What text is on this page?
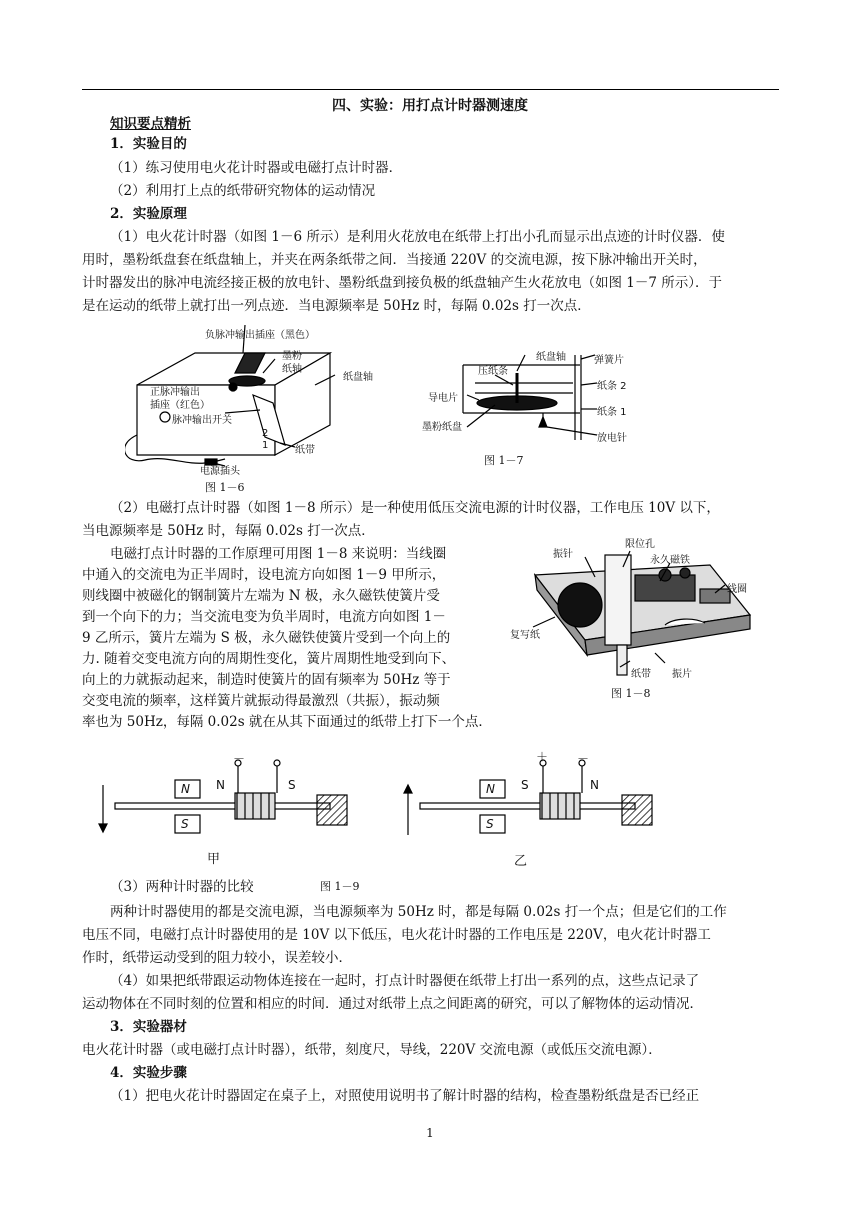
四、实验：用打点计时器测速度
知识要点精析
1．实验目的
（1）练习使用电火花计时器或电磁打点计时器．
（2）利用打上点的纸带研究物体的运动情况
2．实验原理
（1）电火花计时器（如图 1－6 所示）是利用火花放电在纸带上打出小孔而显示出点迹的计时仪器．使
用时，墨粉纸盘套在纸盘轴上，并夹在两条纸带之间．当接通 220V 的交流电源，按下脉冲输出开关时，
计时器发出的脉冲电流经接正极的放电针、墨粉纸盘到接负极的纸盘轴产生火花放电（如图 1－7 所示）．于
是在运动的纸带上就打出一列点迹．当电源频率是 50Hz 时，每隔 0.02s 打一次点．
负脉冲输出插座（黑色）
墨粉
纸轴
纸盘轴
正脉冲输出
插座（红色）
脉冲输出开关
2
1	纸带
电源插头
图 1－6
纸盘轴	弹簧片
压纸条
纸条 2
导电片
纸条 1
墨粉纸盘
放电针
图 1－7
（2）电磁打点计时器（如图 1－8 所示）是一种使用低压交流电源的计时仪器，工作电压 10V 以下，
当电源频率是 50Hz 时，每隔 0.02s 打一次点．
电磁打点计时器的工作原理可用图 1－8 来说明：当线圈
中通入的交流电为正半周时，设电流方向如图 1－9 甲所示，
则线圈中被磁化的钢制簧片左端为 N 极，永久磁铁使簧片受
到一个向下的力；当交流电变为负半周时，电流方向如图 1－
9 乙所示，簧片左端为 S 极，永久磁铁使簧片受到一个向上的
力. 随着交变电流方向的周期性变化，簧片周期性地受到向下、
向上的力就振动起来，制造时使簧片的固有频率为 50Hz 等于
交变电流的频率，这样簧片就振动得最激烈（共振），振动频
率也为 50Hz，每隔 0.02s 就在从其下面通过的纸带上打下一个点．
限位孔
振针
永久磁铁
线圈
复写纸
纸带 振片
图 1－8
－
N	S
N
S
甲
＋ －
S	N
N
S
乙
（3）两种计时器的比较	图 1－9
两种计时器使用的都是交流电源，当电源频率为 50Hz 时，都是每隔 0.02s 打一个点；但是它们的工作
电压不同，电磁打点计时器使用的是 10V 以下低压，电火花计时器的工作电压是 220V，电火花计时器工
作时，纸带运动受到的阻力较小，误差较小．
（4）如果把纸带跟运动物体连接在一起时，打点计时器便在纸带上打出一系列的点，这些点记录了
运动物体在不同时刻的位置和相应的时间．通过对纸带上点之间距离的研究，可以了解物体的运动情况．
3．实验器材
电火花计时器（或电磁打点计时器），纸带，刻度尺，导线，220V 交流电源（或低压交流电源）．
4．实验步骤
（1）把电火花计时器固定在桌子上，对照使用说明书了解计时器的结构，检查墨粉纸盘是否已经正
1
